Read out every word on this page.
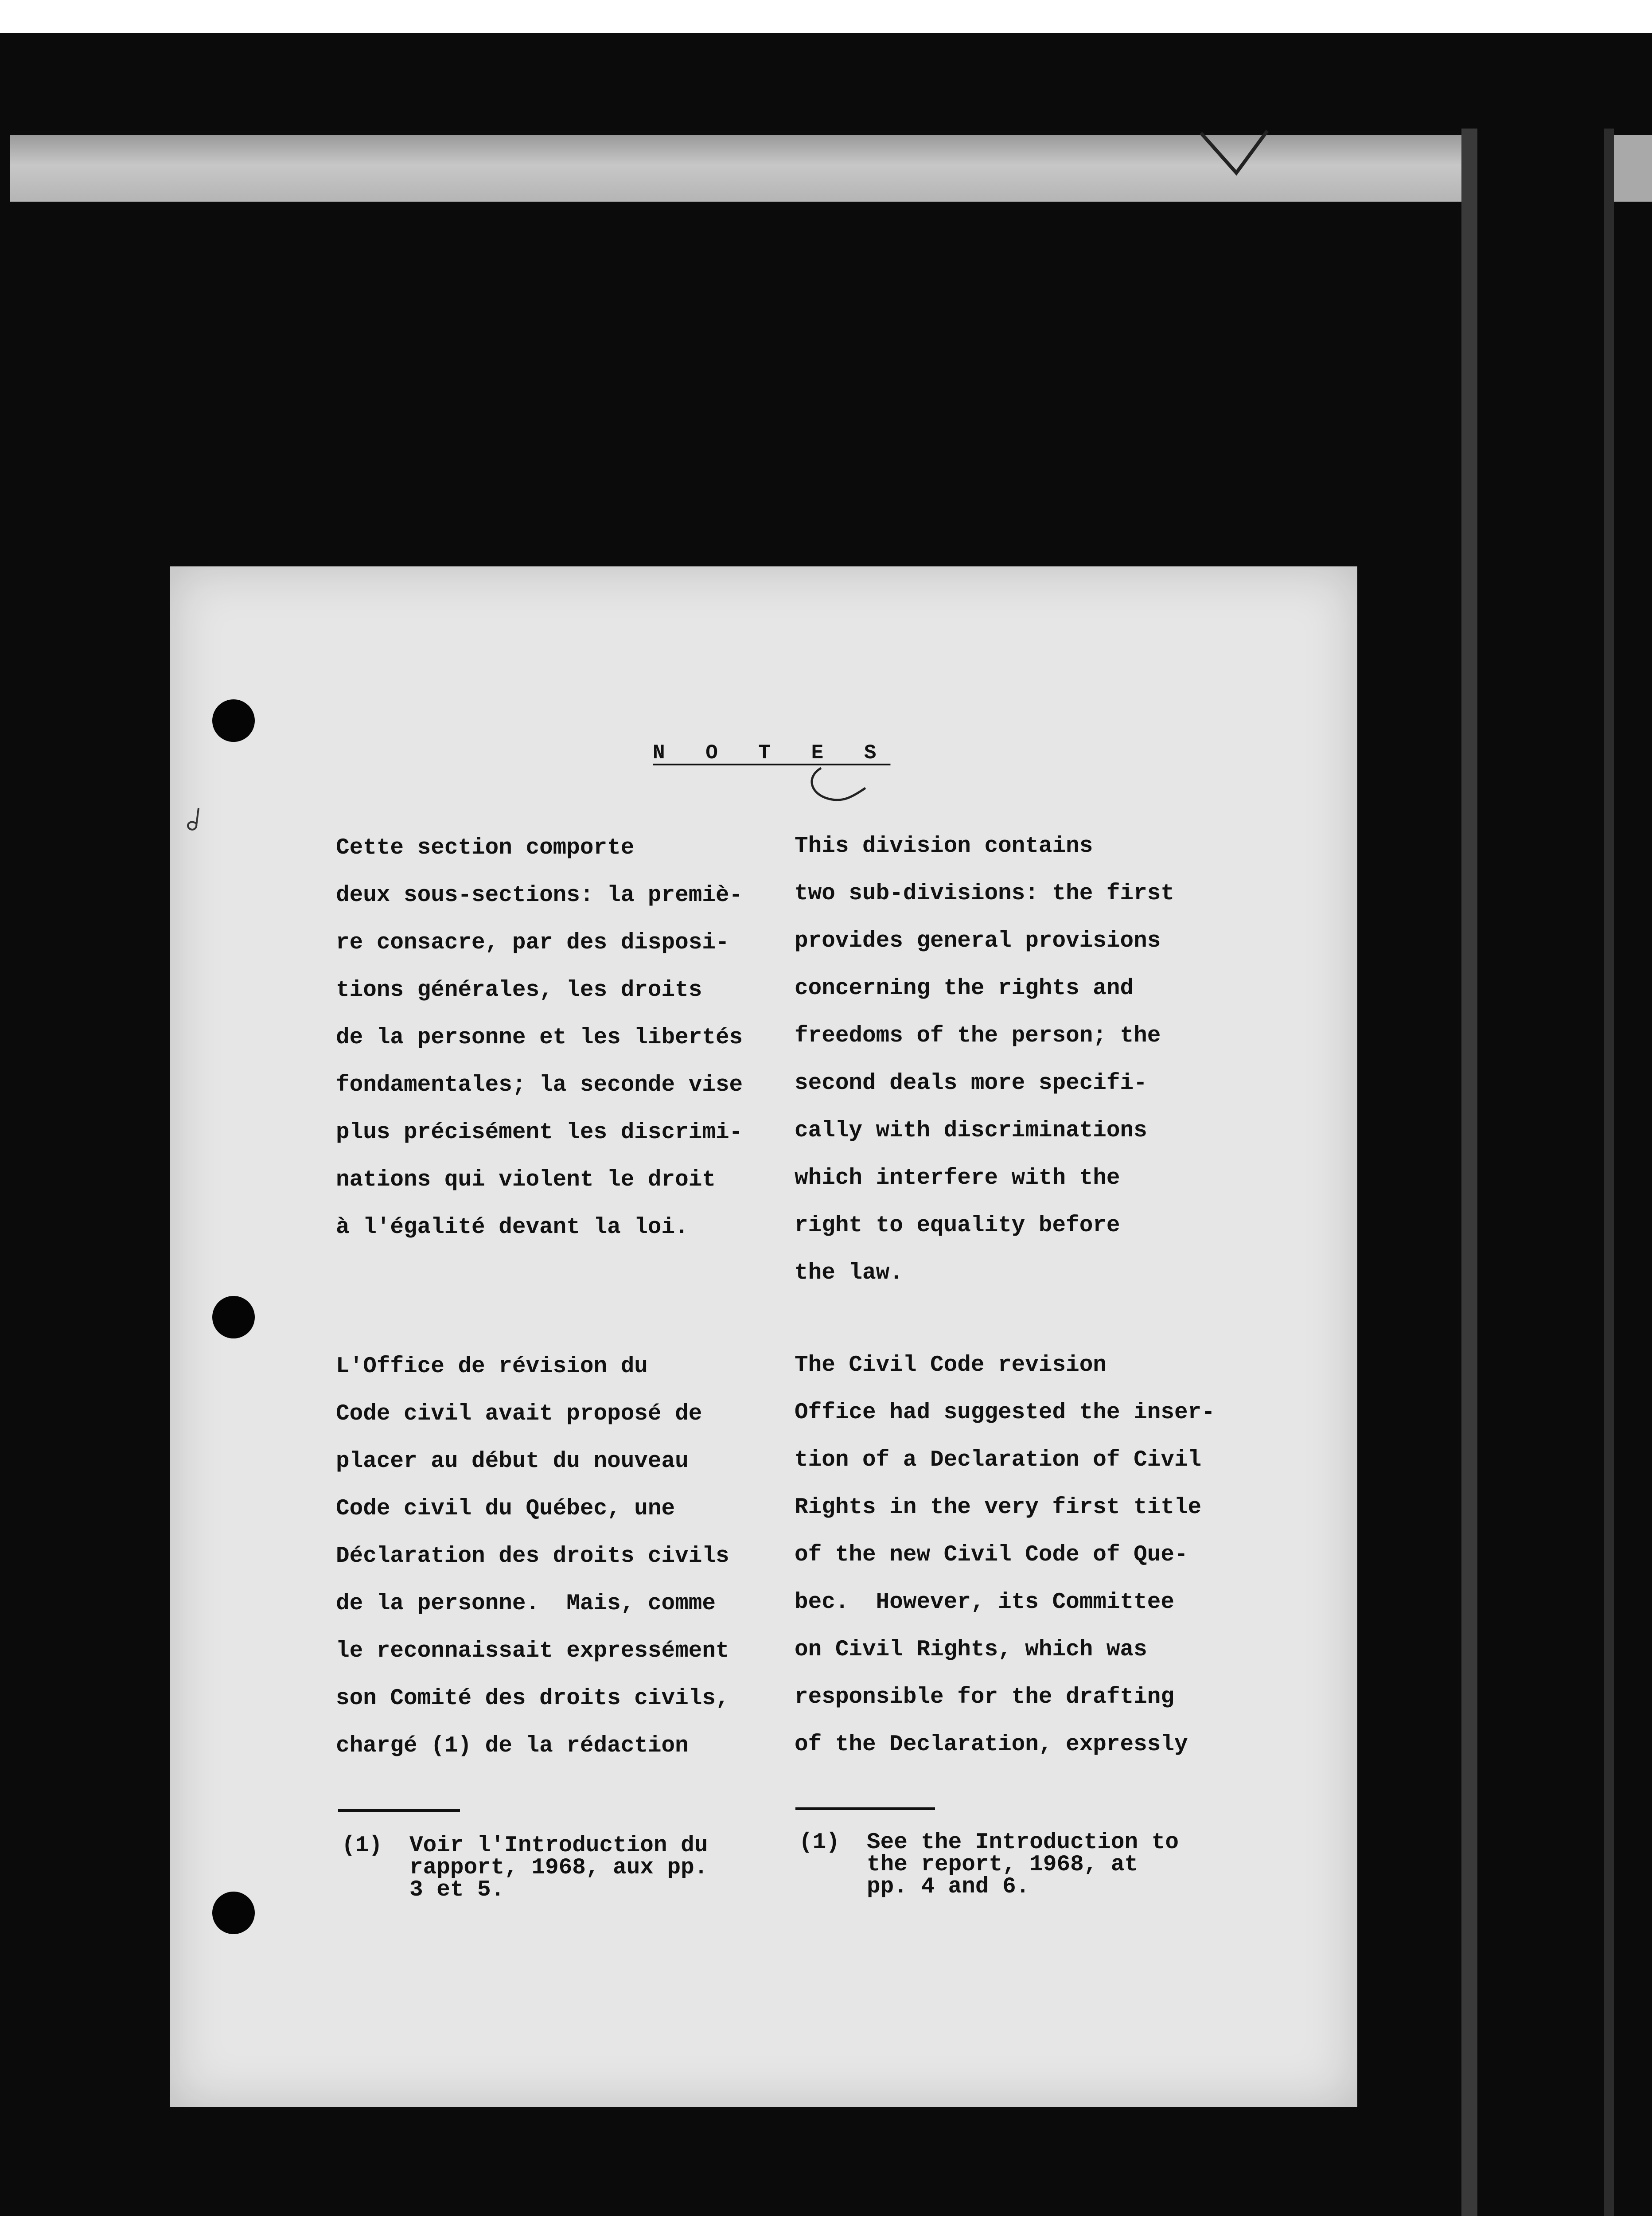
N O T E S
Cette section comporte
deux sous-sections: la premiè-
re consacre, par des disposi-
tions générales, les droits
de la personne et les libertés
fondamentales; la seconde vise
plus précisément les discrimi-
nations qui violent le droit
à l'égalité devant la loi.
This division contains
two sub-divisions: the first
provides general provisions
concerning the rights and
freedoms of the person; the
second deals more specifi-
cally with discriminations
which interfere with the
right to equality before
the law.
L'Office de révision du
Code civil avait proposé de
placer au début du nouveau
Code civil du Québec, une
Déclaration des droits civils
de la personne.  Mais, comme
le reconnaissait expressément
son Comité des droits civils,
chargé (1) de la rédaction
The Civil Code revision
Office had suggested the inser-
tion of a Declaration of Civil
Rights in the very first title
of the new Civil Code of Que-
bec.  However, its Committee
on Civil Rights, which was
responsible for the drafting
of the Declaration, expressly
(1)  Voir l'Introduction du
rapport, 1968, aux pp.
3 et 5.
(1)  See the Introduction to
the report, 1968, at
pp. 4 and 6.
